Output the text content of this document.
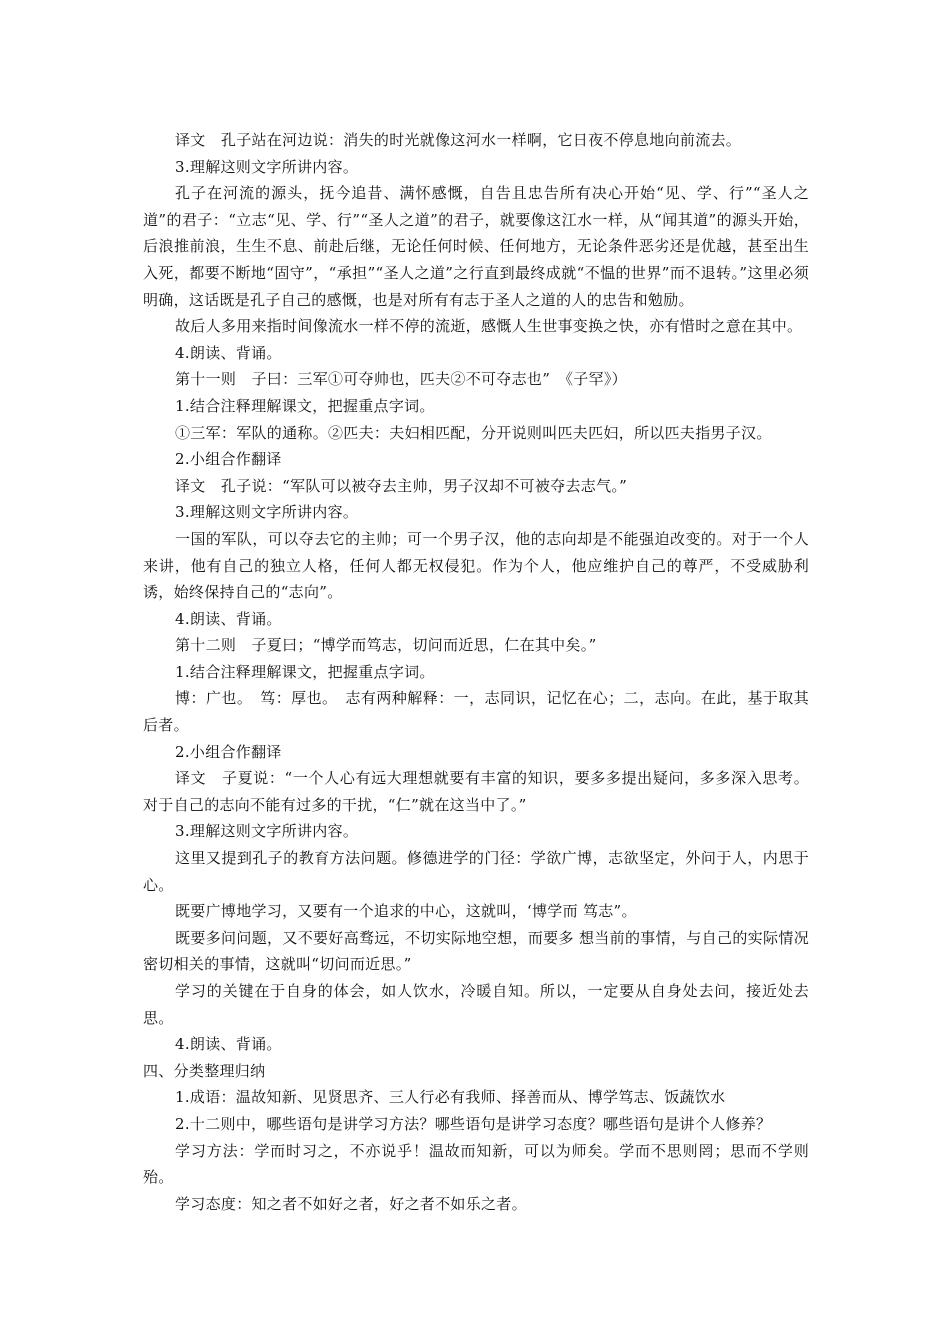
译文　孔子站在河边说：消失的时光就像这河水一样啊，它日夜不停息地向前流去。

3.理解这则文字所讲内容。

孔子在河流的源头，抚今追昔、满怀感慨，自告且忠告所有决心开始“见、学、行”“圣人之道”的君子：“立志“见、学、行”“圣人之道”的君子，就要像这江水一样，从“闻其道”的源头开始，后浪推前浪，生生不息、前赴后继，无论任何时候、任何地方，无论条件恶劣还是优越，甚至出生入死，都要不断地“固守”，“承担”“圣人之道”之行直到最终成就“不愠的世界”而不退转。”这里必须明确，这话既是孔子自己的感慨，也是对所有有志于圣人之道的人的忠告和勉励。

故后人多用来指时间像流水一样不停的流逝，感慨人生世事变换之快，亦有惜时之意在其中。

4.朗读、背诵。

第十一则　子曰：三军①可夺帅也，匹夫②不可夺志也”　《子罕》）

1.结合注释理解课文，把握重点字词。

①三军：军队的通称。②匹夫：夫妇相匹配，分开说则叫匹夫匹妇，所以匹夫指男子汉。

2.小组合作翻译

译文　孔子说：“军队可以被夺去主帅，男子汉却不可被夺去志气。”

3.理解这则文字所讲内容。

一国的军队，可以夺去它的主帅；可一个男子汉，他的志向却是不能强迫改变的。对于一个人来讲，他有自己的独立人格，任何人都无权侵犯。作为个人，他应维护自己的尊严，不受威胁利诱，始终保持自己的“志向”。

4.朗读、背诵。

第十二则　子夏曰；“博学而笃志，切问而近思，仁在其中矣。”

1.结合注释理解课文，把握重点字词。

博：广也。　笃：厚也。　志有两种解释：一，志同识，记忆在心；二，志向。在此，基于取其后者。

2.小组合作翻译

译文　子夏说：“一个人心有远大理想就要有丰富的知识，要多多提出疑问，多多深入思考。对于自己的志向不能有过多的干扰，“仁”就在这当中了。”

3.理解这则文字所讲内容。

这里又提到孔子的教育方法问题。修德进学的门径：学欲广博，志欲坚定，外问于人，内思于心。

既要广博地学习，又要有一个追求的中心，这就叫，‘博学而 笃志”。

既要多问问题，又不要好高骛远，不切实际地空想，而要多 想当前的事情，与自己的实际情况密切相关的事情，这就叫“切问而近思。”

学习的关键在于自身的体会，如人饮水，冷暖自知。所以，一定要从自身处去问，接近处去思。

4.朗读、背诵。

四、分类整理归纳

1.成语：温故知新、见贤思齐、三人行必有我师、择善而从、博学笃志、饭蔬饮水

2.十二则中，哪些语句是讲学习方法？哪些语句是讲学习态度？哪些语句是讲个人修养？

学习方法：学而时习之，不亦说乎！温故而知新，可以为师矣。学而不思则罔；思而不学则殆。

学习态度：知之者不如好之者，好之者不如乐之者。
